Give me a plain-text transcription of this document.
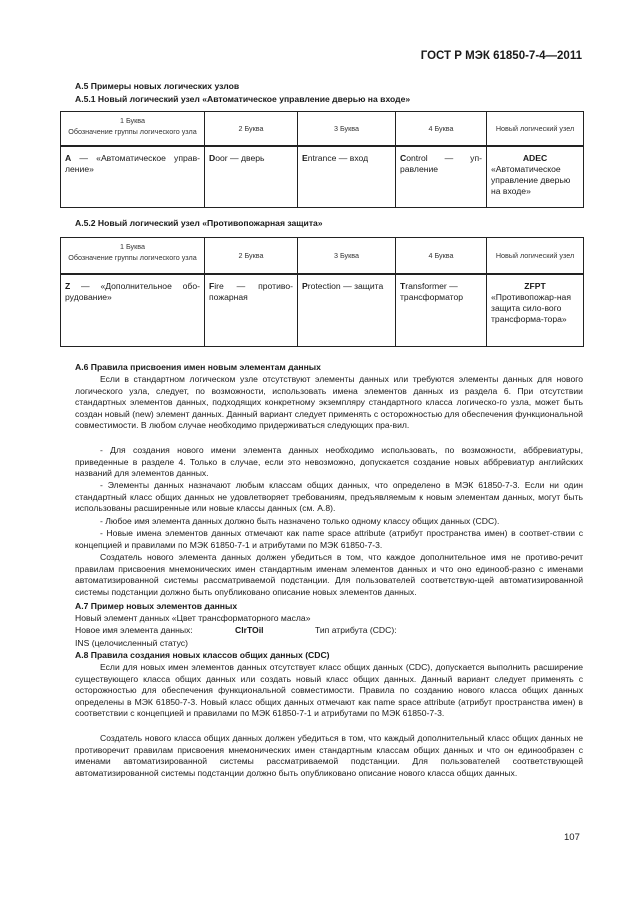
ГОСТ Р МЭК 61850-7-4—2011
А.5 Примеры новых логических узлов
А.5.1 Новый логический узел «Автоматическое управление дверью на входе»
1 Буква
Обозначение группы логического узла	2 Буква	3 Буква	4 Буква	Новый логический узел
А — «Автоматическое управ-ление»	Door — дверь	Entrance — вход	Control — уп-равление	ADEC
«Автоматическое управление дверью на входе»
А.5.2 Новый логический узел «Противопожарная защита»
1 Буква
Обозначение группы логического узла	2 Буква	3 Буква	4 Буква	Новый логический узел
Z — «Дополнительное обо-рудование»	Fire — противо-пожарная	Protection — защита	Transformer — трансформатор	ZFPT
«Противопожар-ная защита сило-вого трансформа-тора»
А.6 Правила присвоения имен новым элементам данных
Если в стандартном логическом узле отсутствуют элементы данных или требуются элементы данных для нового логического узла, следует, по возможности, использовать имена элементов данных из раздела 6. При отсутствии стандартных элементов данных, подходящих конкретному экземпляру стандартного класса логическо-го узла, может быть создан новый (new) элемент данных. Данный вариант следует применять с осторожностью для обеспечения функциональной совместимости. В любом случае необходимо придерживаться следующих пра-вил.
- Для создания нового имени элемента данных необходимо использовать, по возможности, аббревиатуры, приведенные в разделе 4. Только в случае, если это невозможно, допускается создание новых аббревиатур английских названий для элементов данных.
- Элементы данных назначают любым классам общих данных, что определено в МЭК 61850-7-3. Если ни один стандартный класс общих данных не удовлетворяет требованиям, предъявляемым к новым элементам данных, могут быть использованы расширенные или новые классы данных (см. А.8).
- Любое имя элемента данных должно быть назначено только одному классу общих данных (CDC).
- Новые имена элементов данных отмечают как name space attribute (атрибут пространства имен) в соответ-ствии с концепцией и правилами по МЭК 61850-7-1 и атрибутами по МЭК 61850-7-3.
Создатель нового элемента данных должен убедиться в том, что каждое дополнительное имя не противо-речит правилам присвоения мнемонических имен стандартным именам элементов данных и что оно единооб-разно с именами автоматизированной системы рассматриваемой подстанции. Для пользователей соответствую-щей автоматизированной системы подстанции должно быть опубликовано описание новых элементов данных.
А.7 Пример новых элементов данных
Новый элемент данных «Цвет трансформаторного масла»
Новое имя элемента данных:	ClrTOil	Тип атрибута (CDC):
INS (целочисленный статус)
А.8 Правила создания новых классов общих данных (CDC)
Если для новых имен элементов данных отсутствует класс общих данных (CDC), допускается выполнить расширение существующего класса общих данных или создать новый класс общих данных. Данный вариант следует применять с осторожностью для обеспечения функциональной совместимости. Правила по созданию нового класса общих данных определены в МЭК 61850-7-3. Новый класс общих данных отмечают как name space attribute (атрибут пространства имен) в соответствии с концепцией и правилами по МЭК 61850-7-1 и атрибутами по МЭК 61850-7-3.
Создатель нового класса общих данных должен убедиться в том, что каждый дополнительный класс общих данных не противоречит правилам присвоения мнемонических имен стандартным классам общих данных и что он единообразен с именами автоматизированной системы рассматриваемой подстанции. Для пользователей соответствующей автоматизированной системы подстанции должно быть опубликовано описание нового класса общих данных.
107
